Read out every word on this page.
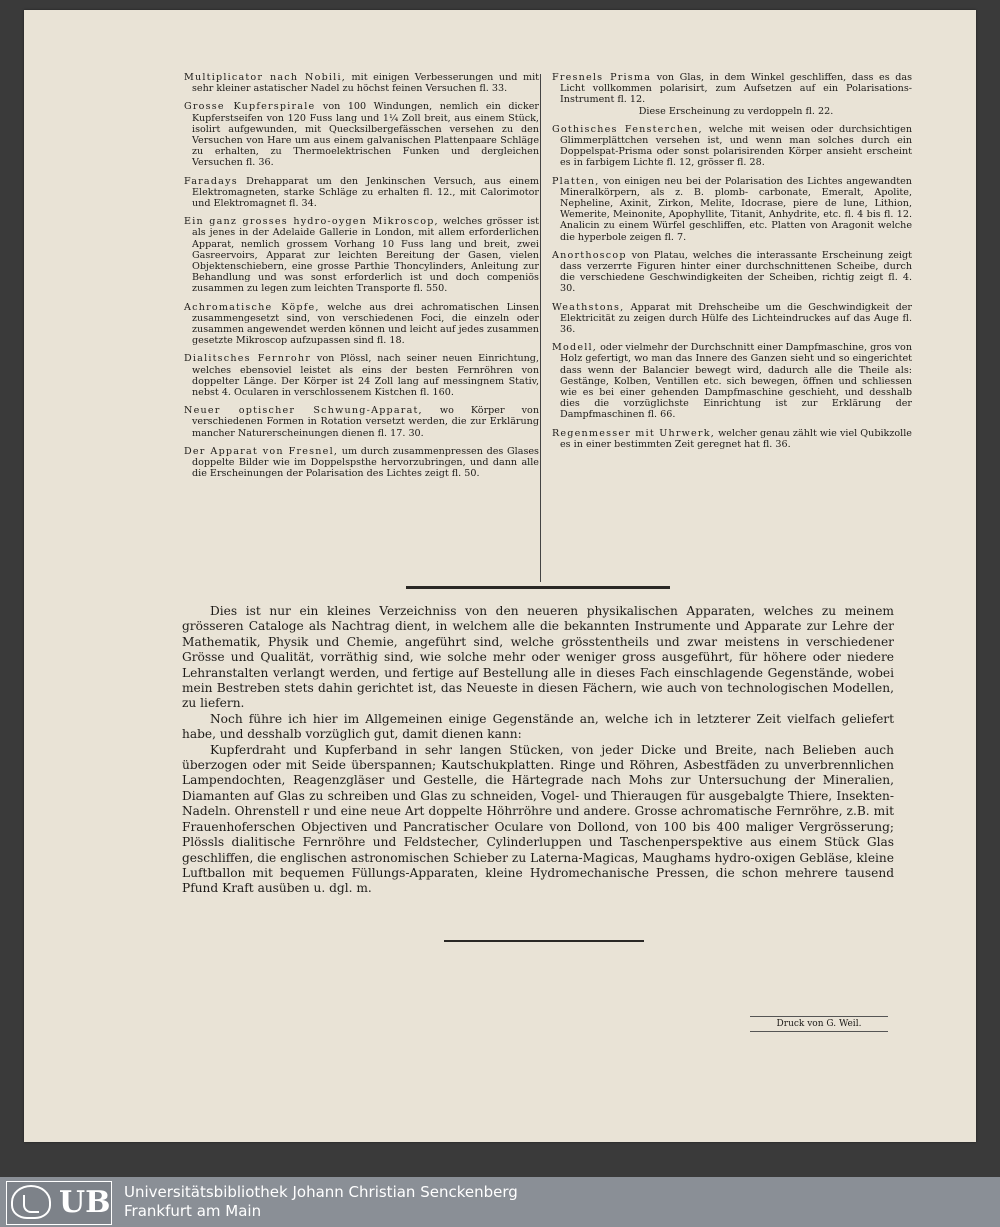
Multiplicator nach Nobili, mit einigen Verbesserungen und mit sehr kleiner astatischer Nadel zu höchst feinen Versuchen fl. 33.

Grosse Kupferspirale von 100 Windungen, nemlich ein dicker Kupferstseifen von 120 Fuss lang und 1¼ Zoll breit, aus einem Stück, isolirt aufgewunden, mit Quecksilbergefässchen versehen zu den Versuchen von Hare um aus einem galvanischen Plattenpaare Schläge zu erhalten, zu Thermoelektrischen Funken und dergleichen Versuchen fl. 36.

Faradays Drehapparat um den Jenkinschen Versuch, aus einem Elektromagneten, starke Schläge zu erhalten fl. 12., mit Calorimotor und Elektromagnet fl. 34.

Ein ganz grosses hydro-oygen Mikroscop, welches grösser ist als jenes in der Adelaide Gallerie in London, mit allem erforderlichen Apparat, nemlich grossem Vorhang 10 Fuss lang und breit, zwei Gasreervoirs, Apparat zur leichten Bereitung der Gasen, vielen Objektenschiebern, eine grosse Parthie Thoncylinders, Anleitung zur Behandlung und was sonst erforderlich ist und doch compeniös zusammen zu legen zum leichten Transporte fl. 550.

Achromatische Köpfe, welche aus drei achromatischen Linsen zusammengesetzt sind, von verschiedenen Foci, die einzeln oder zusammen angewendet werden können und leicht auf jedes zusammen gesetzte Mikroscop aufzupassen sind fl. 18.

Dialitsches Fernrohr von Plössl, nach seiner neuen Einrichtung, welches ebensoviel leistet als eins der besten Fernröhren von doppelter Länge. Der Körper ist 24 Zoll lang auf messingnem Stativ, nebst 4. Ocularen in verschlossenem Kistchen fl. 160.

Neuer optischer Schwung-Apparat, wo Körper von verschiedenen Formen in Rotation versetzt werden, die zur Erklärung mancher Naturerscheinungen dienen fl. 17. 30.

Der Apparat von Fresnel, um durch zusammenpressen des Glases doppelte Bilder wie im Doppelspsthe hervorzubringen, und dann alle die Erscheinungen der Polarisation des Lichtes zeigt fl. 50.

Fresnels Prisma von Glas, in dem Winkel geschliffen, dass es das Licht vollkommen polarisirt, zum Aufsetzen auf ein Polarisations-Instrument fl. 12.
Diese Erscheinung zu verdoppeln fl. 22.

Gothisches Fensterchen, welche mit weisen oder durchsichtigen Glimmerplättchen versehen ist, und wenn man solches durch ein Doppelspat-Prisma oder sonst polarisirenden Körper ansieht erscheint es in farbigem Lichte fl. 12, grösser fl. 28.

Platten, von einigen neu bei der Polarisation des Lichtes angewandten Mineralkörpern, als z. B. plomb- carbonate, Emeralt, Apolite, Nepheline, Axinit, Zirkon, Melite, Idocrase, piere de lune, Lithion, Wemerite, Meinonite, Apophyllite, Titanit, Anhydrite, etc. fl. 4 bis fl. 12. Analicin zu einem Würfel geschliffen, etc. Platten von Aragonit welche die hyperbole zeigen fl. 7.

Anorthoscop von Platau, welches die interassante Erscheinung zeigt dass verzerrte Figuren hinter einer durchschnittenen Scheibe, durch die verschiedene Geschwindigkeiten der Scheiben, richtig zeigt fl. 4. 30.

Weathstons, Apparat mit Drehscheibe um die Geschwindigkeit der Elektricität zu zeigen durch Hülfe des Lichteindruckes auf das Auge fl. 36.

Modell, oder vielmehr der Durchschnitt einer Dampfmaschine, gros von Holz gefertigt, wo man das Innere des Ganzen sieht und so eingerichtet dass wenn der Balancier bewegt wird, dadurch alle die Theile als: Gestänge, Kolben, Ventillen etc. sich bewegen, öffnen und schliessen wie es bei einer gehenden Dampfmaschine geschieht, und desshalb dies die vorzüglichste Einrichtung ist zur Erklärung der Dampfmaschinen fl. 66.

Regenmesser mit Uhrwerk, welcher genau zählt wie viel Qubikzolle es in einer bestimmten Zeit geregnet hat fl. 36.

Dies ist nur ein kleines Verzeichniss von den neueren physikalischen Apparaten, welches zu meinem grösseren Cataloge als Nachtrag dient, in welchem alle die bekannten Instrumente und Apparate zur Lehre der Mathematik, Physik und Chemie, angeführt sind, welche grösstentheils und zwar meistens in verschiedener Grösse und Qualität, vorräthig sind, wie solche mehr oder weniger gross ausgeführt, für höhere oder niedere Lehranstalten verlangt werden, und fertige auf Bestellung alle in dieses Fach einschlagende Gegenstände, wobei mein Bestreben stets dahin gerichtet ist, das Neueste in diesen Fächern, wie auch von technologischen Modellen, zu liefern.

Noch führe ich hier im Allgemeinen einige Gegenstände an, welche ich in letzterer Zeit vielfach geliefert habe, und desshalb vorzüglich gut, damit dienen kann:

Kupferdraht und Kupferband in sehr langen Stücken, von jeder Dicke und Breite, nach Belieben auch überzogen oder mit Seide überspannen; Kautschukplatten. Ringe und Röhren, Asbestfäden zu unverbrennlichen Lampendochten, Reagenzgläser und Gestelle, die Härtegrade nach Mohs zur Untersuchung der Mineralien, Diamanten auf Glas zu schreiben und Glas zu schneiden, Vogel- und Thieraugen für ausgebalgte Thiere, Insekten-Nadeln. Ohrenstell r und eine neue Art doppelte Höhrröhre und andere. Grosse achromatische Fernröhre, z.B. mit Frauenhoferschen Objectiven und Pancratischer Oculare von Dollond, von 100 bis 400 maliger Vergrösserung; Plössls dialitische Fernröhre und Feldstecher, Cylinderluppen und Taschenperspektive aus einem Stück Glas geschliffen, die englischen astronomischen Schieber zu Laterna-Magicas, Maughams hydro-oxigen Gebläse, kleine Luftballon mit bequemen Füllungs-Apparaten, kleine Hydromechanische Pressen, die schon mehrere tausend Pfund Kraft ausüben u. dgl. m.

Druck von G. Weil.
UB Universitätsbibliothek Johann Christian Senckenberg
Frankfurt am Main
